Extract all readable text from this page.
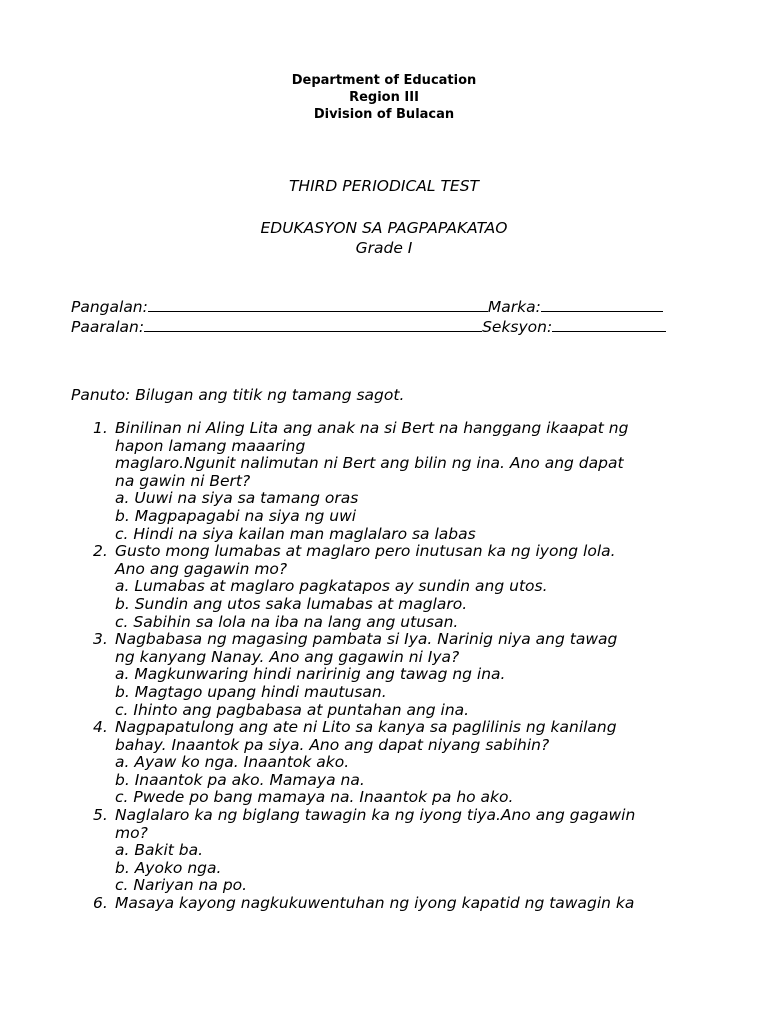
Department of Education
Region III
Division of Bulacan
THIRD PERIODICAL TEST
EDUKASYON SA PAGPAPAKATAO
Grade I
Pangalan:	Marka:
Paaralan:	Seksyon:
Panuto: Bilugan ang titik ng tamang sagot.
1. Binilinan ni Aling Lita ang anak na si Bert na hanggang ikaapat ng
hapon lamang maaaring
maglaro.Ngunit nalimutan ni Bert ang bilin ng ina. Ano ang dapat
na gawin ni Bert?
a. Uuwi na siya sa tamang oras
b. Magpapagabi na siya ng uwi
c. Hindi na siya kailan man maglalaro sa labas
2. Gusto mong lumabas at maglaro pero inutusan ka ng iyong lola.
Ano ang gagawin mo?
a. Lumabas at maglaro pagkatapos ay sundin ang utos.
b. Sundin ang utos saka lumabas at maglaro.
c. Sabihin sa lola na iba na lang ang utusan.
3. Nagbabasa ng magasing pambata si Iya. Narinig niya ang tawag
ng kanyang Nanay. Ano ang gagawin ni Iya?
a. Magkunwaring hindi naririnig ang tawag ng ina.
b. Magtago upang hindi mautusan.
c. Ihinto ang pagbabasa at puntahan ang ina.
4. Nagpapatulong ang ate ni Lito sa kanya sa paglilinis ng kanilang
bahay. Inaantok pa siya. Ano ang dapat niyang sabihin?
a. Ayaw ko nga. Inaantok ako.
b. Inaantok pa ako. Mamaya na.
c. Pwede po bang mamaya na. Inaantok pa ho ako.
5. Naglalaro ka ng biglang tawagin ka ng iyong tiya.Ano ang gagawin
mo?
a. Bakit ba.
b. Ayoko nga.
c. Nariyan na po.
6. Masaya kayong nagkukuwentuhan ng iyong kapatid ng tawagin ka
